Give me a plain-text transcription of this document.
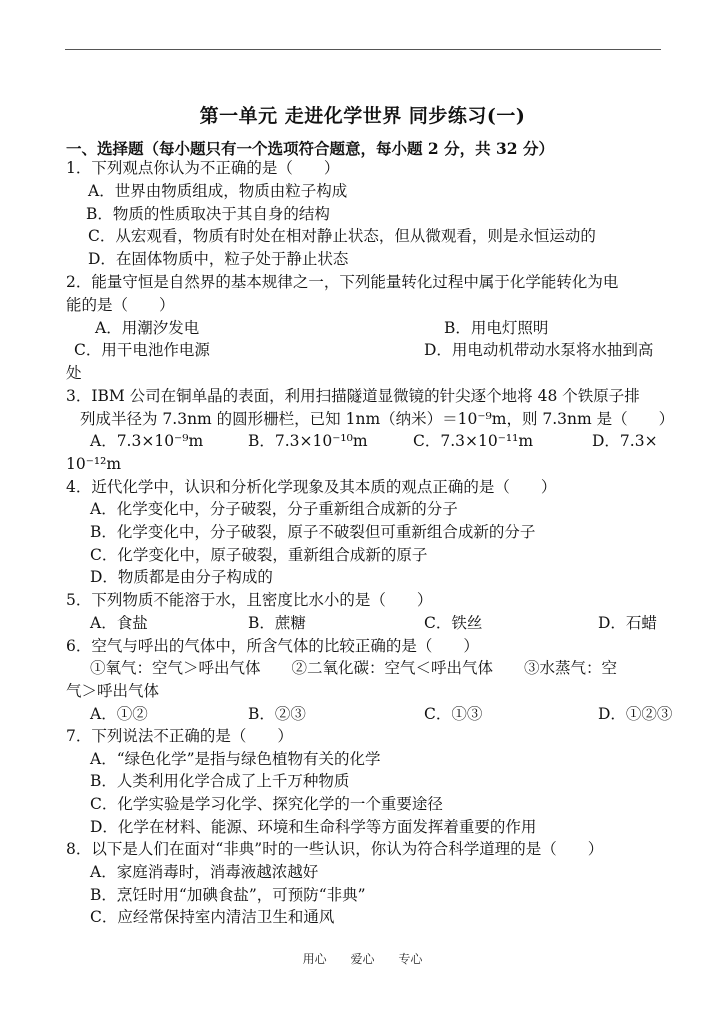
第一单元 走进化学世界 同步练习(一)
一、选择题（每小题只有一个选项符合题意，每小题 2 分，共 32 分）
1．下列观点你认为不正确的是（　　）
A．世界由物质组成，物质由粒子构成
B．物质的性质取决于其自身的结构
C．从宏观看，物质有时处在相对静止状态，但从微观看，则是永恒运动的
D．在固体物质中，粒子处于静止状态
2．能量守恒是自然界的基本规律之一，下列能量转化过程中属于化学能转化为电
能的是（　　）
A．用潮汐发电	B．用电灯照明
C．用干电池作电源	D．用电动机带动水泵将水抽到高
处
3．IBM 公司在铜单晶的表面，利用扫描隧道显微镜的针尖逐个地将 48 个铁原子排
列成半径为 7.3nm 的圆形栅栏，已知 1nm（纳米）＝10⁻⁹m，则 7.3nm 是（　　）
A．7.3×10⁻⁹m	B．7.3×10⁻¹⁰m	C．7.3×10⁻¹¹m	D．7.3×
10⁻¹²m
4．近代化学中，认识和分析化学现象及其本质的观点正确的是（　　）
A．化学变化中，分子破裂，分子重新组合成新的分子
B．化学变化中，分子破裂，原子不破裂但可重新组合成新的分子
C．化学变化中，原子破裂，重新组合成新的原子
D．物质都是由分子构成的
5．下列物质不能溶于水，且密度比水小的是（　　）
A．食盐	B．蔗糖	C．铁丝	D．石蜡
6．空气与呼出的气体中，所含气体的比较正确的是（　　）
①氧气：空气＞呼出气体　　②二氧化碳：空气＜呼出气体　　③水蒸气：空
气＞呼出气体
A．①②	B．②③	C．①③	D．①②③
7．下列说法不正确的是（　　）
A．“绿色化学”是指与绿色植物有关的化学
B．人类利用化学合成了上千万种物质
C．化学实验是学习化学、探究化学的一个重要途径
D．化学在材料、能源、环境和生命科学等方面发挥着重要的作用
8．以下是人们在面对“非典”时的一些认识，你认为符合科学道理的是（　　）
A．家庭消毒时，消毒液越浓越好
B．烹饪时用“加碘食盐”，可预防“非典”
C．应经常保持室内清洁卫生和通风
用心 爱心 专心
